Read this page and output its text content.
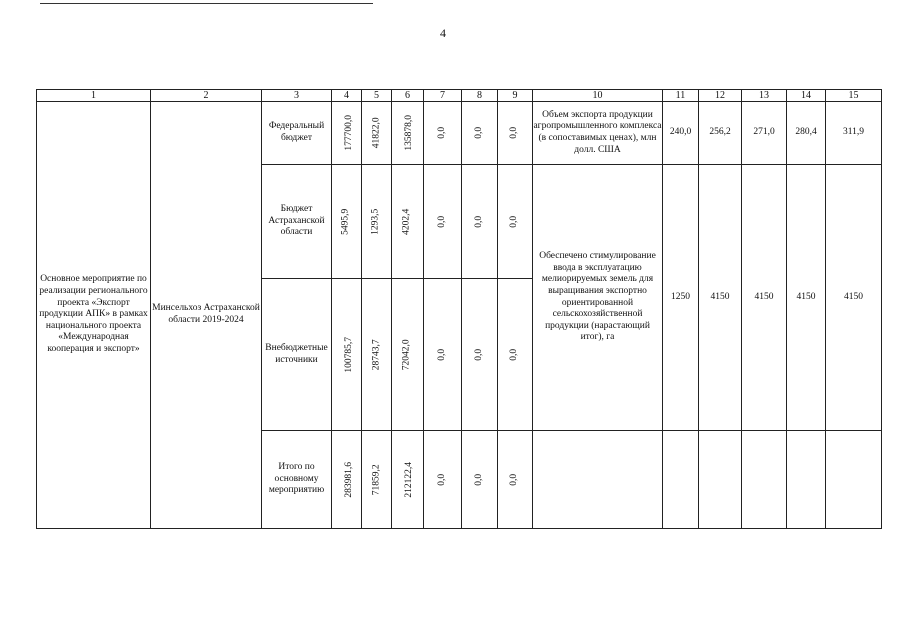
4
1	2	3	4	5	6	7	8	9	10	11	12	13	14	15
Основное мероприятие по реализации регионального проекта «Экспорт продукции АПК» в рамках национального проекта «Международная кооперация и экспорт»	Минсельхоз Астраханской области 2019-2024	Федеральный бюджет	177700,0	41822,0	135878,0	0,0	0,0	0,0	Объем экспорта продукции агропромышленного комплекса (в сопоставимых ценах), млн долл. США	240,0	256,2	271,0	280,4	311,9
		Бюджет Астраханской области	5495,9	1293,5	4202,4	0,0	0,0	0,0	Обеспечено стимулирование ввода в эксплуатацию мелиорируемых земель для выращивания экспортно ориентированной сельскохозяйственной продукции (нарастающий итог), га	1250	4150	4150	4150	4150
		Внебюджетные источники	100785,7	28743,7	72042,0	0,0	0,0	0,0						
		Итого по основному мероприятию	283981,6	71859,2	212122,4	0,0	0,0	0,0						
